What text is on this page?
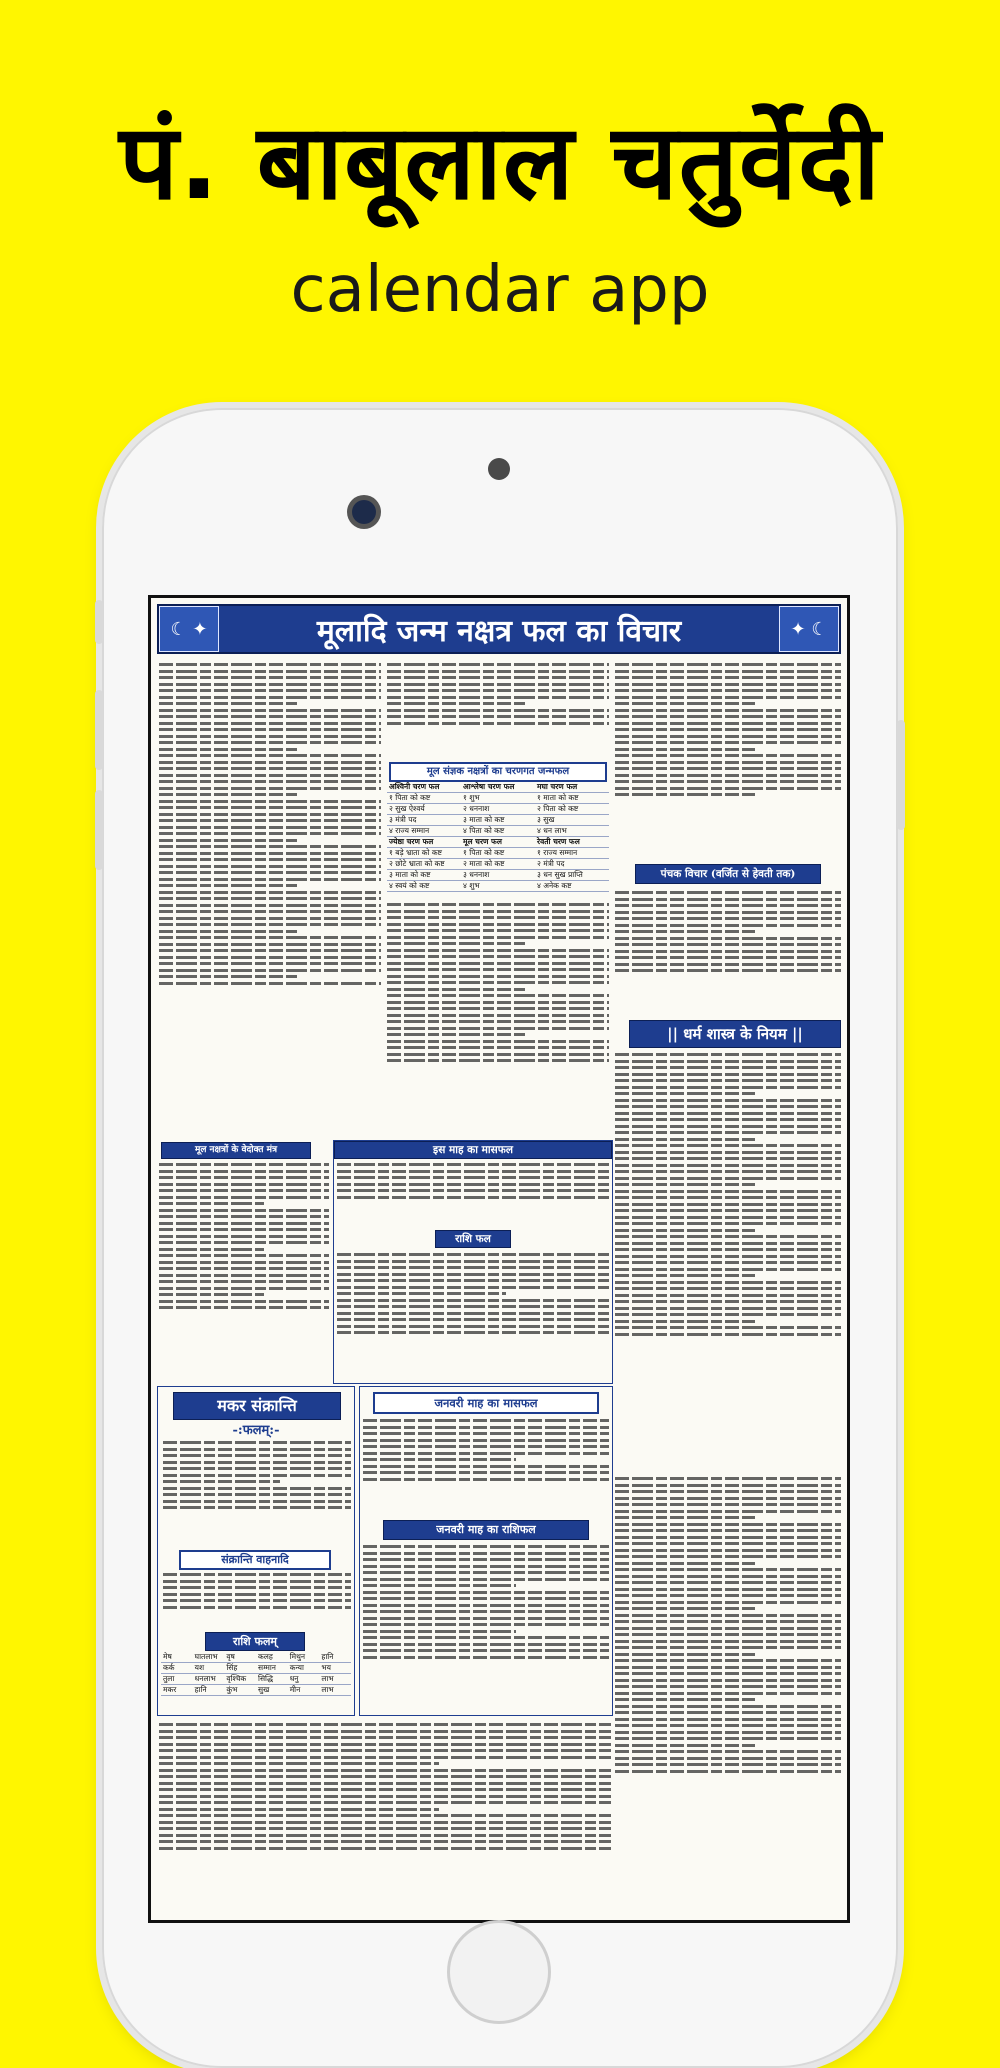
पं. बाबूलाल चतुर्वेदी
calendar app
☾ ✦	मूलादि जन्म नक्षत्र फल का विचार	✦ ☾
मूल संज्ञक नक्षत्रों का चरणगत जन्मफल
अश्विनी चरण फल	आश्लेषा चरण फल	मघा चरण फल
१ पिता को कष्ट	१ शुभ	१ माता को कष्ट
२ सुख ऐश्वर्य	२ धननाश	२ पिता को कष्ट
३ मंत्री पद	३ माता को कष्ट	३ सुख
४ राज्य सम्मान	४ पिता को कष्ट	४ धन लाभ
ज्येष्ठा चरण फल	मूल चरण फल	रेवती चरण फल
१ बड़े भ्राता को कष्ट	१ पिता को कष्ट	१ राज्य सम्मान
२ छोटे भ्राता को कष्ट	२ माता को कष्ट	२ मंत्री पद
३ माता को कष्ट	३ धननाश	३ धन सुख प्राप्ति
४ स्वयं को कष्ट	४ शुभ	४ अनेक कष्ट
पंचक विचार (वर्जित से हेवती तक)
|| धर्म शास्त्र के नियम ||
मूल नक्षत्रों के वेदोक्त मंत्र	इस माह का मासफल
राशि फल
मकर संक्रान्ति
-:फलम्:-
संक्रान्ति वाहनादि
राशि फलम्
मेष	घातलाभ	वृष	कलह	मिथुन	हानि
कर्क	यश	सिंह	सम्मान	कन्या	भय
तुला	धनलाभ	वृश्चिक	सिद्धि	धनु	लाभ
मकर	हानि	कुंभ	सुख	मीन	लाभ
जनवरी माह का मासफल
जनवरी माह का राशिफल
